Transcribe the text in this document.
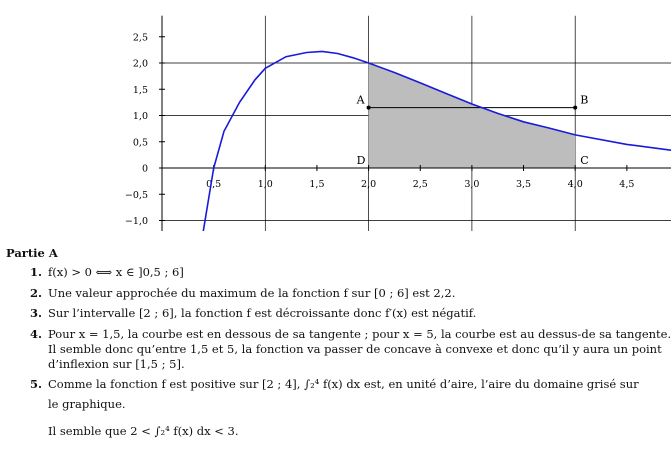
0,5	1,0	1,5	2,0	2,5	3,0	3,5	4,0	4,5
2,5
2,0
1,5
1,0
0,5
0
−0,5
−1,0
A	B
C
D
Partie A
1. f(x) > 0 ⟺ x ∈ ]0,5 ; 6]
2. Une valeur approchée du maximum de la fonction f sur [0 ; 6] est 2,2.
3. Sur l’intervalle [2 ; 6], la fonction f est décroissante donc f′(x) est négatif.
4. Pour x = 1,5, la courbe est en dessous de sa tangente ; pour x = 5, la courbe est au dessus-de sa tangente.
Il semble donc qu’entre 1,5 et 5, la fonction va passer de concave à convexe et donc qu’il y aura un point
d’inflexion sur [1,5 ; 5].
5. Comme la fonction f est positive sur [2 ; 4], ∫₂⁴ f(x) dx est, en unité d’aire, l’aire du domaine grisé sur
le graphique.
Il semble que 2 < ∫₂⁴ f(x) dx < 3.
